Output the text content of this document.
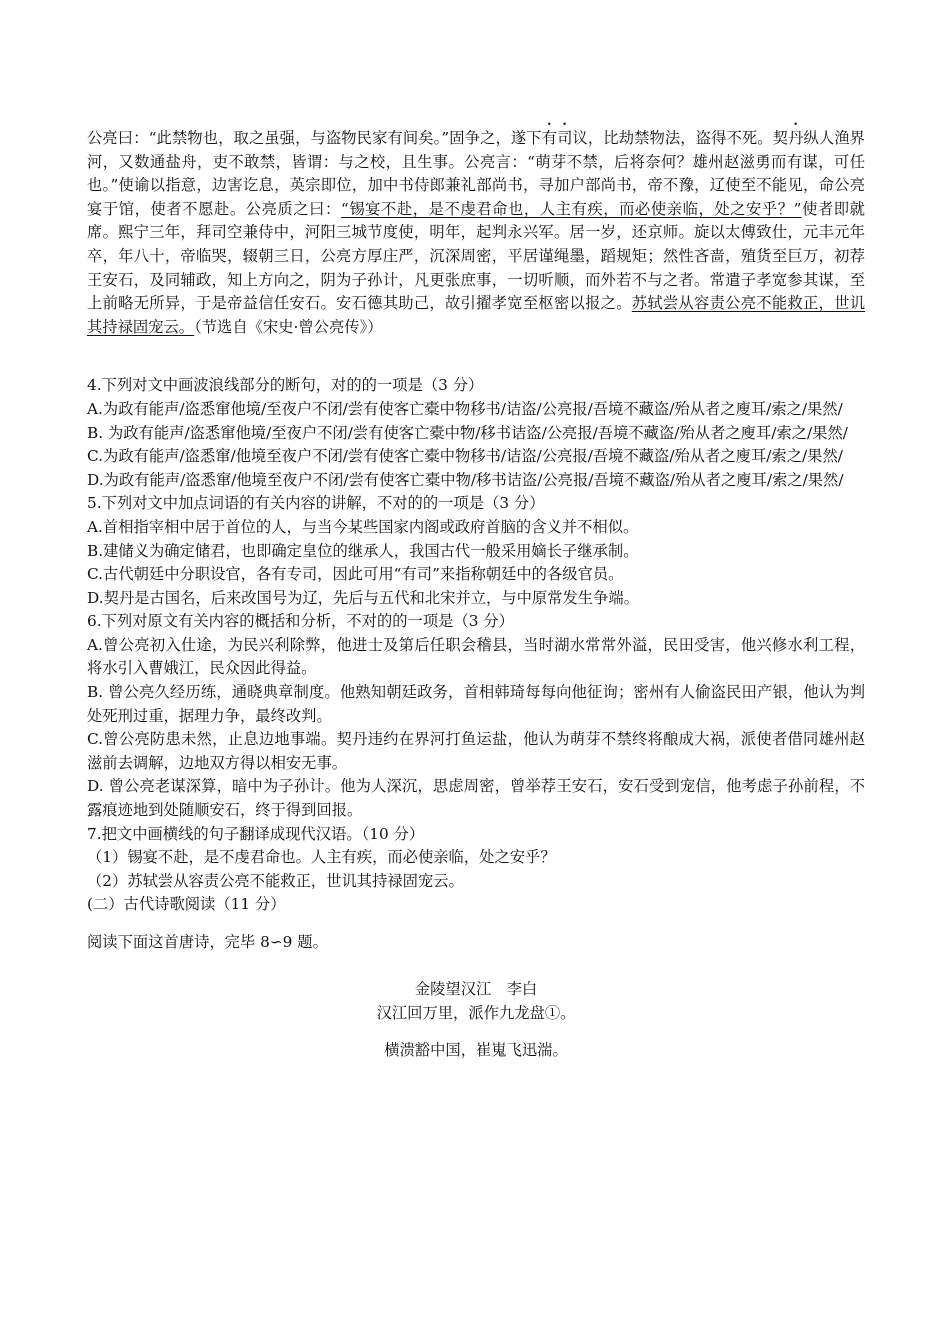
公亮曰：“此禁物也，取之虽强，与盗物民家有间矣。”固争之，遂下有司议，比劫禁物法，盗得不死。契丹纵人渔界河，又数通盐舟，吏不敢禁，皆谓：与之校，且生事。公亮言：“萌芽不禁，后将奈何？雄州赵滋勇而有谋，可任也。”使谕以指意，边害讫息，英宗即位，加中书侍郎兼礼部尚书，寻加户部尚书，帝不豫，辽使至不能见，命公亮宴于馆，使者不愿赴。公亮质之曰：“锡宴不赴，是不虔君命也，人主有疾，而必使亲临，处之安乎？”使者即就席。熙宁三年，拜司空兼侍中，河阳三城节度使，明年，起判永兴军。居一岁，还京师。旋以太傅致仕，元丰元年卒，年八十，帝临哭，辍朝三日，公亮方厚庄严，沉深周密，平居谨绳墨，蹈规矩；然性吝啬，殖货至巨万，初荐王安石，及同辅政，知上方向之，阴为子孙计，凡更张庶事，一切听顺，而外若不与之者。常遣子孝宽参其谋，至上前略无所异，于是帝益信任安石。安石德其助己，故引擢孝宽至枢密以报之。苏轼尝从容责公亮不能救正，世讥其持禄固宠云。（节选自《宋史·曾公亮传》）

4.下列对文中画波浪线部分的断句，对的的一项是（3 分）

A.为政有能声/盗悉窜他境/至夜户不闭/尝有使客亡橐中物移书/诘盗/公亮报/吾境不藏盗/殆从者之廋耳/索之/果然/

B. 为政有能声/盗悉窜他境/至夜户不闭/尝有使客亡橐中物/移书诘盗/公亮报/吾境不藏盗/殆从者之廋耳/索之/果然/

C.为政有能声/盗悉窜/他境至夜户不闭/尝有使客亡橐中物移书/诘盗/公亮报/吾境不藏盗/殆从者之廋耳/索之/果然/

D.为政有能声/盗悉窜/他境至夜户不闭/尝有使客亡橐中物/移书诘盗/公亮报/吾境不藏盗/殆从者之廋耳/索之/果然/

5.下列对文中加点词语的有关内容的讲解，不对的的一项是（3 分）

A.首相指宰相中居于首位的人，与当今某些国家内阁或政府首脑的含义并不相似。

B.建储义为确定储君，也即确定皇位的继承人，我国古代一般采用嫡长子继承制。

C.古代朝廷中分职设官，各有专司，因此可用“有司”来指称朝廷中的各级官员。

D.契丹是古国名，后来改国号为辽，先后与五代和北宋并立，与中原常发生争端。

6.下列对原文有关内容的概括和分析，不对的的一项是（3 分）

A.曾公亮初入仕途，为民兴利除弊，他进士及第后任职会稽县，当时湖水常常外溢，民田受害，他兴修水利工程，将水引入曹娥江，民众因此得益。

B. 曾公亮久经历练，通晓典章制度。他熟知朝廷政务，首相韩琦每每向他征询；密州有人偷盗民田产银，他认为判处死刑过重，据理力争，最终改判。

C.曾公亮防患未然，止息边地事端。契丹违约在界河打鱼运盐，他认为萌芽不禁终将酿成大祸，派使者借同雄州赵滋前去调解，边地双方得以相安无事。

D. 曾公亮老谋深算，暗中为子孙计。他为人深沉，思虑周密，曾举荐王安石，安石受到宠信，他考虑子孙前程，不露痕迹地到处随顺安石，终于得到回报。

7.把文中画横线的句子翻译成现代汉语。（10 分）

（1）锡宴不赴，是不虔君命也。人主有疾，而必使亲临，处之安乎？

（2）苏轼尝从容责公亮不能救正，世讥其持禄固宠云。

(二）古代诗歌阅读（11 分）

阅读下面这首唐诗，完毕 8∽9 题。

金陵望汉江　李白
汉江回万里，派作九龙盘①。
横溃豁中国，崔嵬飞迅湍。
